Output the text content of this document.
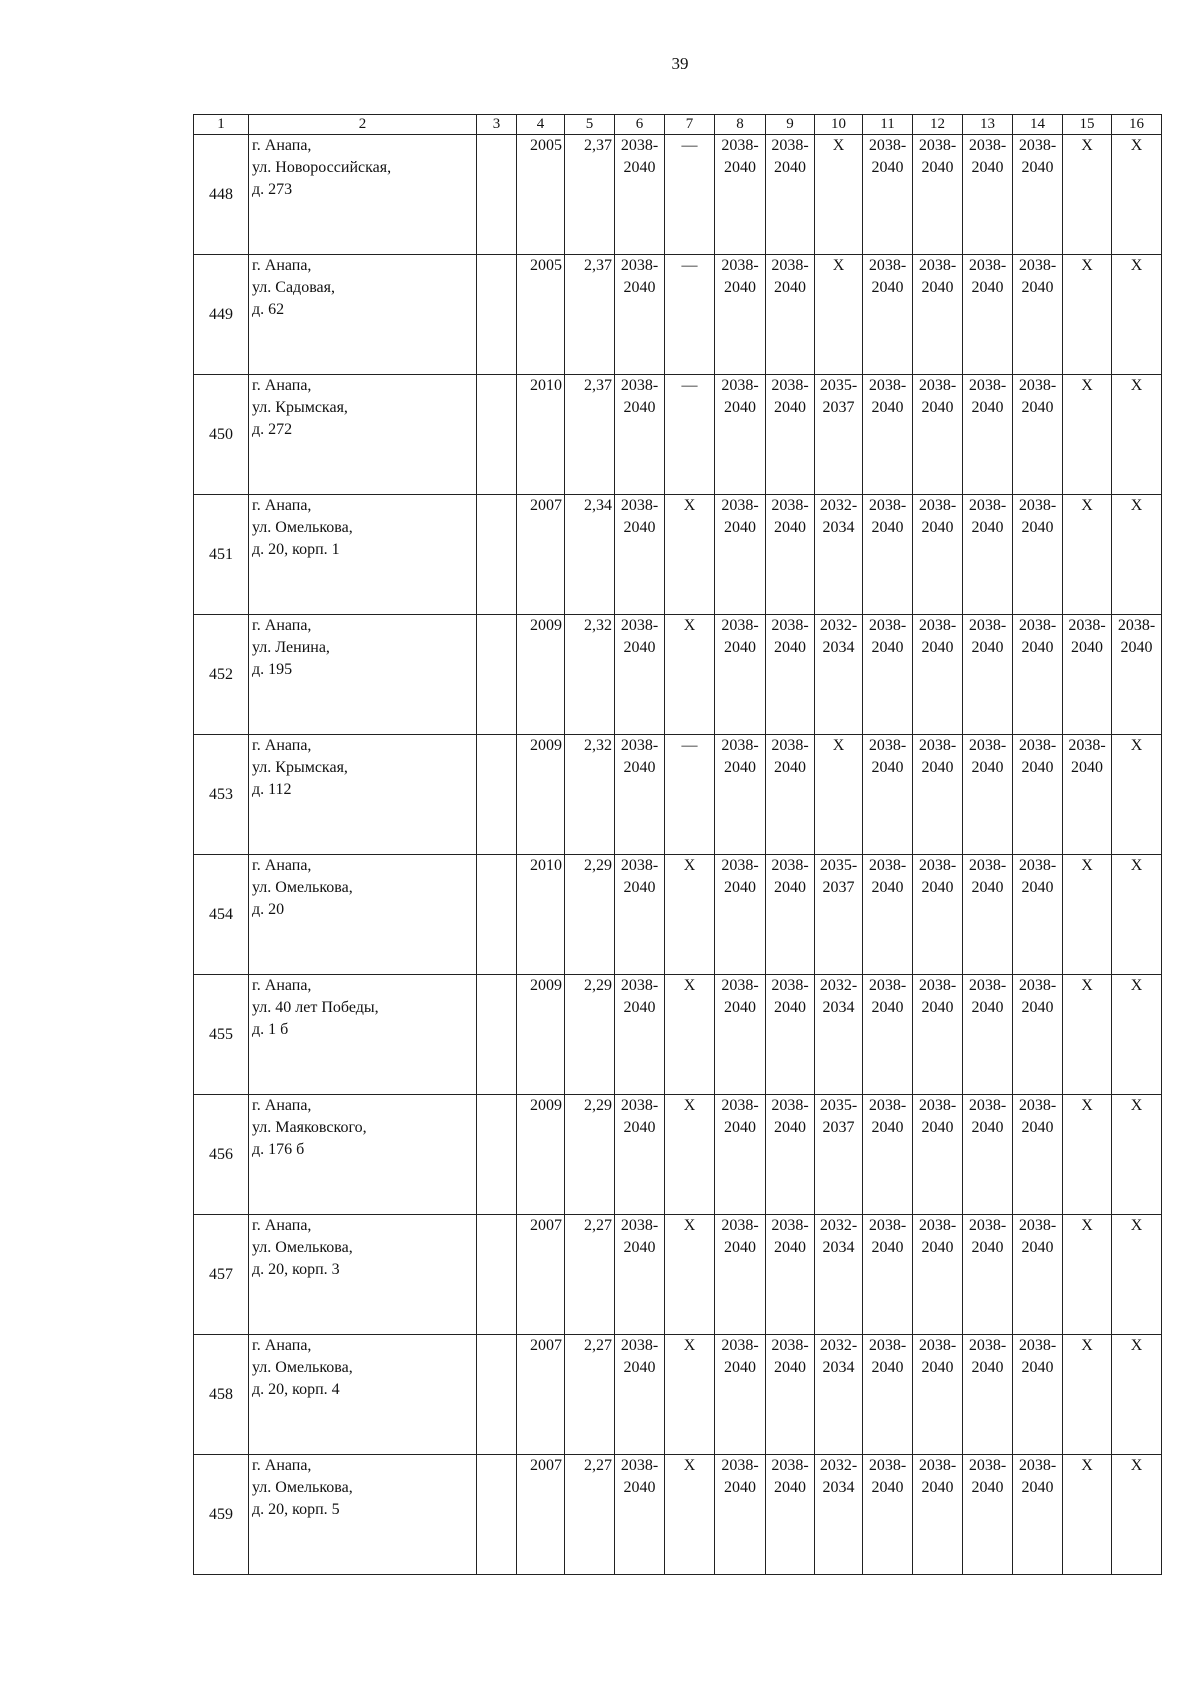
39
1	2	3	4	5	6	7	8	9	10	11	12	13	14	15	16
448	г. Анапа,
ул. Новороссийская,
д. 273		2005	2,37	2038-
2040	—	2038-
2040	2038-
2040	Х	2038-
2040	2038-
2040	2038-
2040	2038-
2040	Х	Х

449	г. Анапа,
ул. Садовая,
д. 62		2005	2,37	2038-
2040	—	2038-
2040	2038-
2040	Х	2038-
2040	2038-
2040	2038-
2040	2038-
2040	Х	Х

450	г. Анапа,
ул. Крымская,
д. 272		2010	2,37	2038-
2040	—	2038-
2040	2038-
2040	2035-
2037	2038-
2040	2038-
2040	2038-
2040	2038-
2040	Х	Х

451	г. Анапа,
ул. Омелькова,
д. 20, корп. 1		2007	2,34	2038-
2040	Х	2038-
2040	2038-
2040	2032-
2034	2038-
2040	2038-
2040	2038-
2040	2038-
2040	Х	Х

452	г. Анапа,
ул. Ленина,
д. 195		2009	2,32	2038-
2040	Х	2038-
2040	2038-
2040	2032-
2034	2038-
2040	2038-
2040	2038-
2040	2038-
2040	2038-
2040	2038-
2040

453	г. Анапа,
ул. Крымская,
д. 112		2009	2,32	2038-
2040	—	2038-
2040	2038-
2040	Х	2038-
2040	2038-
2040	2038-
2040	2038-
2040	2038-
2040	Х

454	г. Анапа,
ул. Омелькова,
д. 20		2010	2,29	2038-
2040	Х	2038-
2040	2038-
2040	2035-
2037	2038-
2040	2038-
2040	2038-
2040	2038-
2040	Х	Х

455	г. Анапа,
ул. 40 лет Победы,
д. 1 б		2009	2,29	2038-
2040	Х	2038-
2040	2038-
2040	2032-
2034	2038-
2040	2038-
2040	2038-
2040	2038-
2040	Х	Х

456	г. Анапа,
ул. Маяковского,
д. 176 б		2009	2,29	2038-
2040	Х	2038-
2040	2038-
2040	2035-
2037	2038-
2040	2038-
2040	2038-
2040	2038-
2040	Х	Х

457	г. Анапа,
ул. Омелькова,
д. 20, корп. 3		2007	2,27	2038-
2040	Х	2038-
2040	2038-
2040	2032-
2034	2038-
2040	2038-
2040	2038-
2040	2038-
2040	Х	Х

458	г. Анапа,
ул. Омелькова,
д. 20, корп. 4		2007	2,27	2038-
2040	Х	2038-
2040	2038-
2040	2032-
2034	2038-
2040	2038-
2040	2038-
2040	2038-
2040	Х	Х

459	г. Анапа,
ул. Омелькова,
д. 20, корп. 5		2007	2,27	2038-
2040	Х	2038-
2040	2038-
2040	2032-
2034	2038-
2040	2038-
2040	2038-
2040	2038-
2040	Х	Х
